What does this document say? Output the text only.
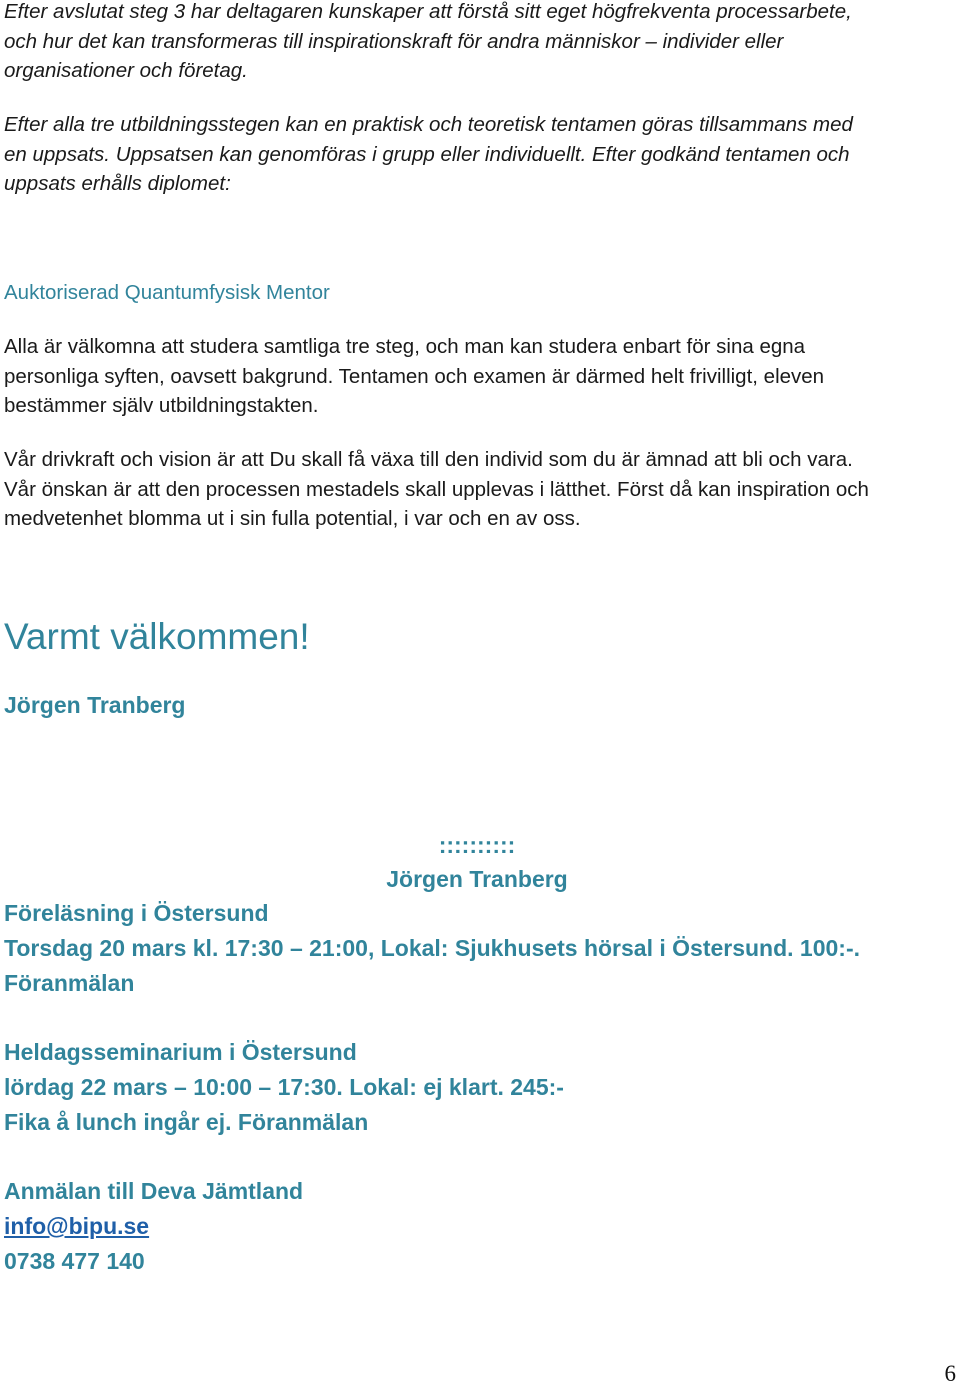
Efter avslutat steg 3 har deltagaren kunskaper att förstå sitt eget högfrekventa processarbete,

och hur det kan transformeras till inspirationskraft för andra människor – individer eller

organisationer och företag.

Efter alla tre utbildningsstegen kan en praktisk och teoretisk tentamen göras tillsammans med

en uppsats. Uppsatsen kan genomföras i grupp eller individuellt. Efter godkänd tentamen och

uppsats erhålls diplomet:

Auktoriserad Quantumfysisk Mentor

Alla är välkomna att studera samtliga tre steg, och man kan studera enbart för sina egna

personliga syften, oavsett bakgrund. Tentamen och examen är därmed helt frivilligt, eleven

bestämmer själv utbildningstakten.

Vår drivkraft och vision är att Du skall få växa till den individ som du är ämnad att bli och vara.

Vår önskan är att den processen mestadels skall upplevas i lätthet. Först då kan inspiration och

medvetenhet blomma ut i sin fulla potential, i var och en av oss.

Varmt välkommen!

Jörgen Tranberg

::::::::::
Jörgen Tranberg

Föreläsning i Östersund

Torsdag 20 mars kl. 17:30 – 21:00, Lokal: Sjukhusets hörsal i Östersund. 100:-.

Föranmälan

Heldagsseminarium i Östersund

lördag 22 mars – 10:00 – 17:30. Lokal: ej klart. 245:-

Fika å lunch ingår ej. Föranmälan

Anmälan till Deva Jämtland

info@bipu.se

0738 477 140

6
